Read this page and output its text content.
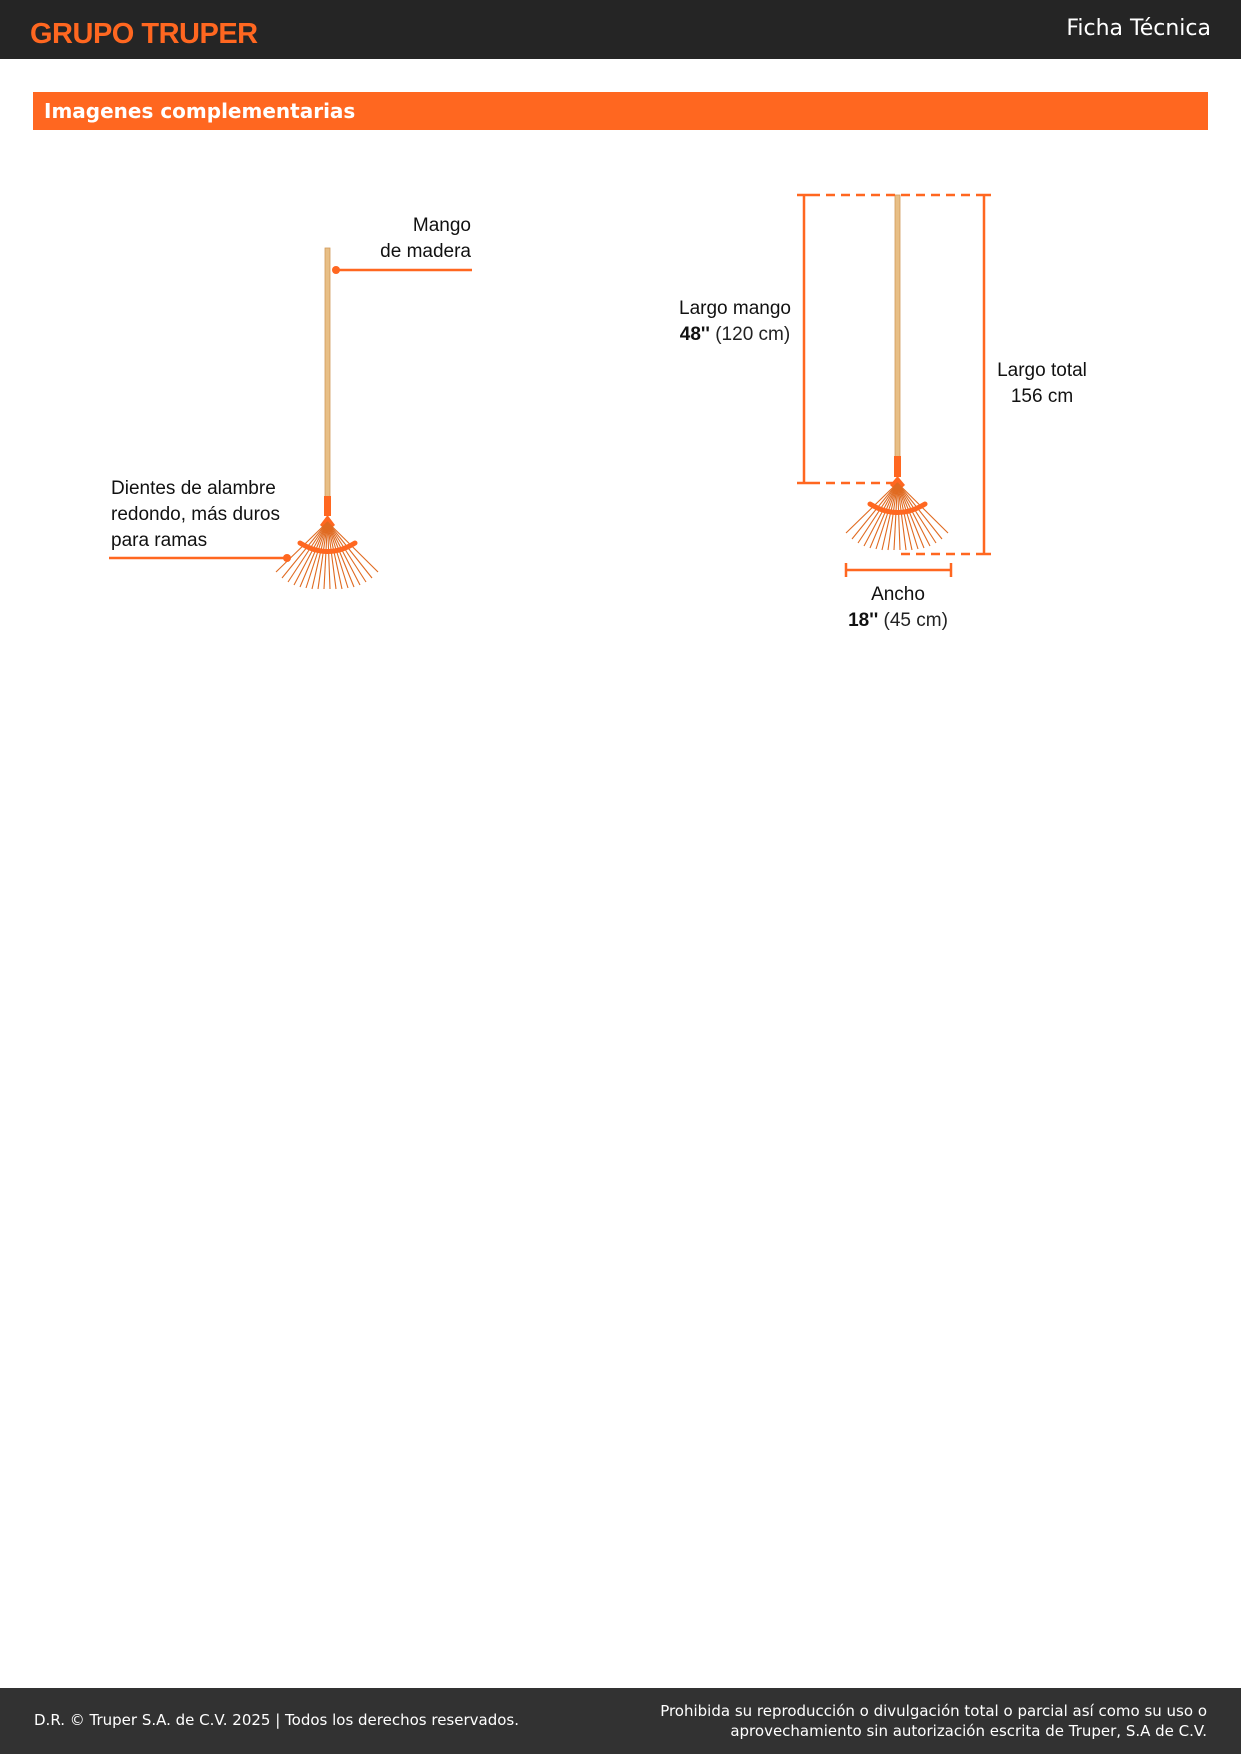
GRUPO TRUPER	Ficha Técnica
Imagenes complementarias
Mango
de madera
Dientes de alambre
redondo, más duros
para ramas
Largo mango
48'' (120 cm)
Largo total
156 cm
Ancho
18'' (45 cm)
D.R. © Truper S.A. de C.V. 2025 | Todos los derechos reservados.	Prohibida su reproducción o divulgación total o parcial así como su uso o
aprovechamiento sin autorización escrita de Truper, S.A de C.V.
